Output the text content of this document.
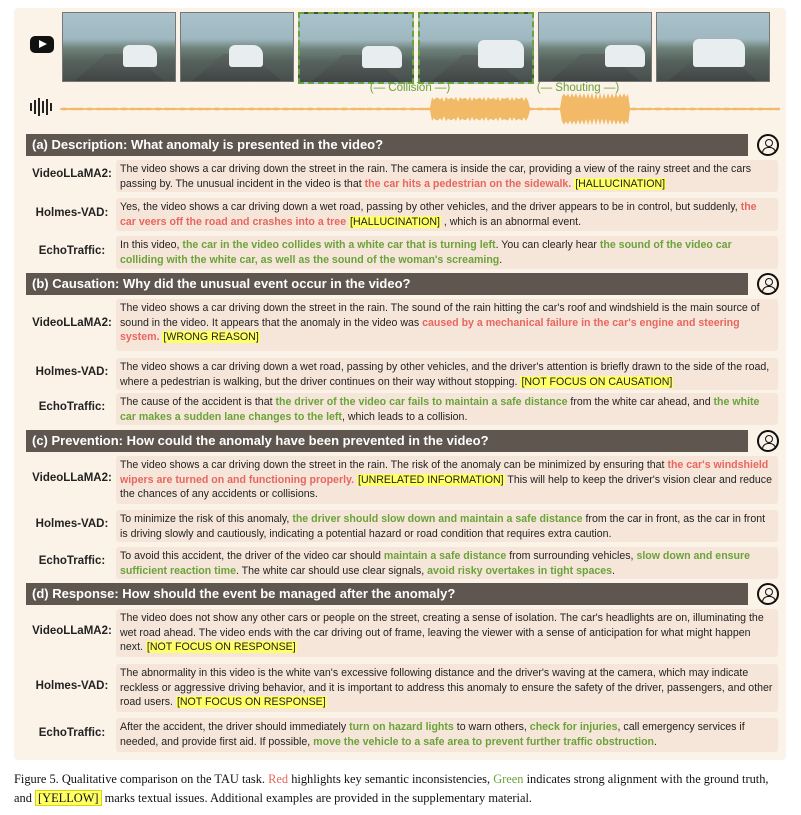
(— Collision —)	(— Shouting —)
(a) Description: What anomaly is presented in the video?
VideoLLaMA2: The video shows a car driving down the street in the rain. The camera is inside the car, providing a view of the rainy street and the cars passing by. The unusual incident in the video is that the car hits a pedestrian on the sidewalk. [HALLUCINATION]
Holmes-VAD:	Yes, the video shows a car driving down a wet road, passing by other vehicles, and the driver appears to be in control, but suddenly, the car veers off the road and crashes into a tree [HALLUCINATION] , which is an abnormal event.
EchoTraffic:	In this video, the car in the video collides with a white car that is turning left. You can clearly hear the sound of the video car colliding with the white car, as well as the sound of the woman's screaming.
(b) Causation: Why did the unusual event occur in the video?
VideoLLaMA2:
The video shows a car driving down the street in the rain. The sound of the rain hitting the car's roof and windshield is the main source of sound in the video. It appears that the anomaly in the video was caused by a mechanical failure in the car's engine and steering system. [WRONG REASON]
Holmes-VAD:	The video shows a car driving down a wet road, passing by other vehicles, and the driver's attention is briefly drawn to the side of the road, where a pedestrian is walking, but the driver continues on their way without stopping. [NOT FOCUS ON CAUSATION]
EchoTraffic:	The cause of the accident is that the driver of the video car fails to maintain a safe distance from the white car ahead, and the white car makes a sudden lane changes to the left, which leads to a collision.
(c) Prevention: How could the anomaly have been prevented in the video?
VideoLLaMA2:
The video shows a car driving down the street in the rain. The risk of the anomaly can be minimized by ensuring that the car's windshield wipers are turned on and functioning properly. [UNRELATED INFORMATION] This will help to keep the driver's vision clear and reduce the chances of any accidents or collisions.
Holmes-VAD:	To minimize the risk of this anomaly, the driver should slow down and maintain a safe distance from the car in front, as the car in front is driving slowly and cautiously, indicating a potential hazard or road condition that requires extra caution.
EchoTraffic:	To avoid this accident, the driver of the video car should maintain a safe distance from surrounding vehicles, slow down and ensure sufficient reaction time. The white car should use clear signals, avoid risky overtakes in tight spaces.
(d) Response: How should the event be managed after the anomaly?
VideoLLaMA2:
The video does not show any other cars or people on the street, creating a sense of isolation. The car's headlights are on, illuminating the wet road ahead. The video ends with the car driving out of frame, leaving the viewer with a sense of anticipation for what might happen next. [NOT FOCUS ON RESPONSE]
Holmes-VAD:
The abnormality in this video is the white van's excessive following distance and the driver's waving at the camera, which may indicate reckless or aggressive driving behavior, and it is important to address this anomaly to ensure the safety of the driver, passengers, and other road users. [NOT FOCUS ON RESPONSE]
EchoTraffic:	After the accident, the driver should immediately turn on hazard lights to warn others, check for injuries, call emergency services if needed, and provide first aid. If possible, move the vehicle to a safe area to prevent further traffic obstruction.
Figure 5. Qualitative comparison on the TAU task. Red highlights key semantic inconsistencies, Green indicates strong alignment with the ground truth, and [YELLOW] marks textual issues. Additional examples are provided in the supplementary material.
